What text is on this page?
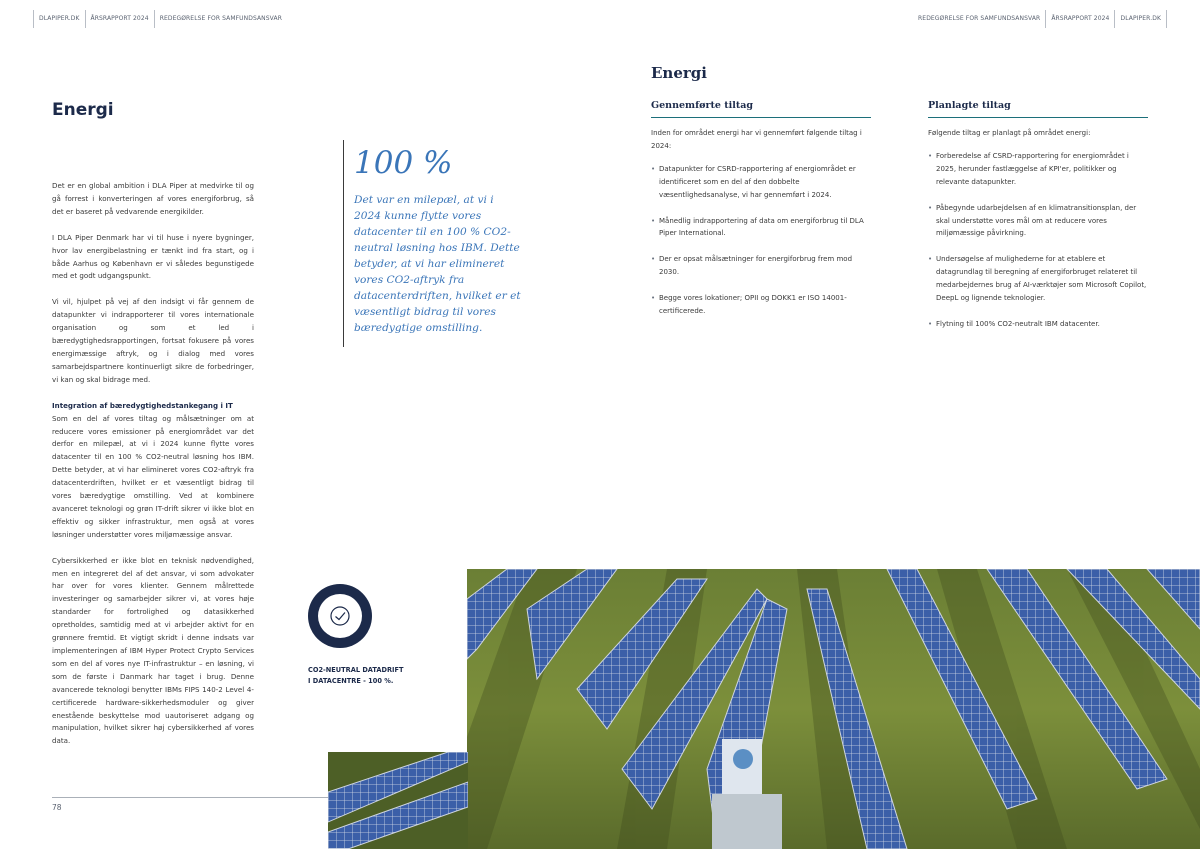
DLAPIPER.DK	ÅRSRAPPORT 2024	REDEGØRELSE FOR SAMFUNDSANSVAR	REDEGØRELSE FOR SAMFUNDSANSVAR	ÅRSRAPPORT 2024	DLAPIPER.DK
Energi

Det er en global ambition i DLA Piper at medvirke til og gå forrest i konverteringen af vores energiforbrug, så det er baseret på vedvarende energikilder.

I DLA Piper Denmark har vi til huse i nyere bygninger, hvor lav energibelastning er tænkt ind fra start, og i både Aarhus og København er vi således begunstigede med et godt udgangspunkt.

Vi vil, hjulpet på vej af den indsigt vi får gennem de datapunkter vi indrapporterer til vores internationale organisation og som et led i bæredygtighedsrapportingen, fortsat fokusere på vores energimæssige aftryk, og i dialog med vores samarbejdspartnere kontinuerligt sikre de forbedringer, vi kan og skal bidrage med.

Integration af bæredygtighedstankegang i IT

Som en del af vores tiltag og målsætninger om at reducere vores emissioner på energiområdet var det derfor en milepæl, at vi i 2024 kunne flytte vores datacenter til en 100 % CO2-neutral løsning hos IBM. Dette betyder, at vi har elimineret vores CO2-aftryk fra datacenterdriften, hvilket er et væsentligt bidrag til vores bæredygtige omstilling. Ved at kombinere avanceret teknologi og grøn IT-drift sikrer vi ikke blot en effektiv og sikker infrastruktur, men også at vores løsninger understøtter vores miljømæssige ansvar.

Cybersikkerhed er ikke blot en teknisk nødvendighed, men en integreret del af det ansvar, vi som advokater har over for vores klienter. Gennem målrettede investeringer og samarbejder sikrer vi, at vores høje standarder for fortrolighed og datasikkerhed opretholdes, samtidig med at vi arbejder aktivt for en grønnere fremtid. Et vigtigt skridt i denne indsats var implementeringen af IBM Hyper Protect Crypto Services som en del af vores nye IT-infrastruktur – en løsning, vi som de første i Danmark har taget i brug. Denne avancerede teknologi benytter IBMs FIPS 140-2 Level 4-certificerede hardware-sikkerhedsmoduler og giver enestående beskyttelse mod uautoriseret adgang og manipulation, hvilket sikrer høj cybersikkerhed af vores data.

100 %
Det var en milepæl, at vi i 2024 kunne flytte vores datacenter til en 100 % CO2-neutral løsning hos IBM. Dette betyder, at vi har elimineret vores CO2-aftryk fra datacenterdriften, hvilket er et væsentligt bidrag til vores bæredygtige omstilling.
CO2-NEUTRAL DATADRIFT
I DATACENTRE - 100 %.
78
Energi
Gennemførte tiltag
Inden for området energi har vi gennemført følgende tiltag i 2024:
• Datapunkter for CSRD-rapportering af energiområdet er identificeret som en del af den dobbelte væsentlighedsanalyse, vi har gennemført i 2024.
• Månedlig indrapportering af data om energiforbrug til DLA Piper International.
• Der er opsat målsætninger for energiforbrug frem mod 2030.
• Begge vores lokationer; OPII og DOKK1 er ISO 14001-certificerede.
Planlagte tiltag
Følgende tiltag er planlagt på området energi:
• Forberedelse af CSRD-rapportering for energiområdet i 2025, herunder fastlæggelse af KPI'er, politikker og relevante datapunkter.
• Påbegynde udarbejdelsen af en klimatransitionsplan, der skal understøtte vores mål om at reducere vores miljømæssige påvirkning.
• Undersøgelse af mulighederne for at etablere et datagrundlag til beregning af energiforbruget relateret til medarbejdernes brug af AI-værktøjer som Microsoft Copilot, DeepL og lignende teknologier.
• Flytning til 100% CO2-neutralt IBM datacenter.
